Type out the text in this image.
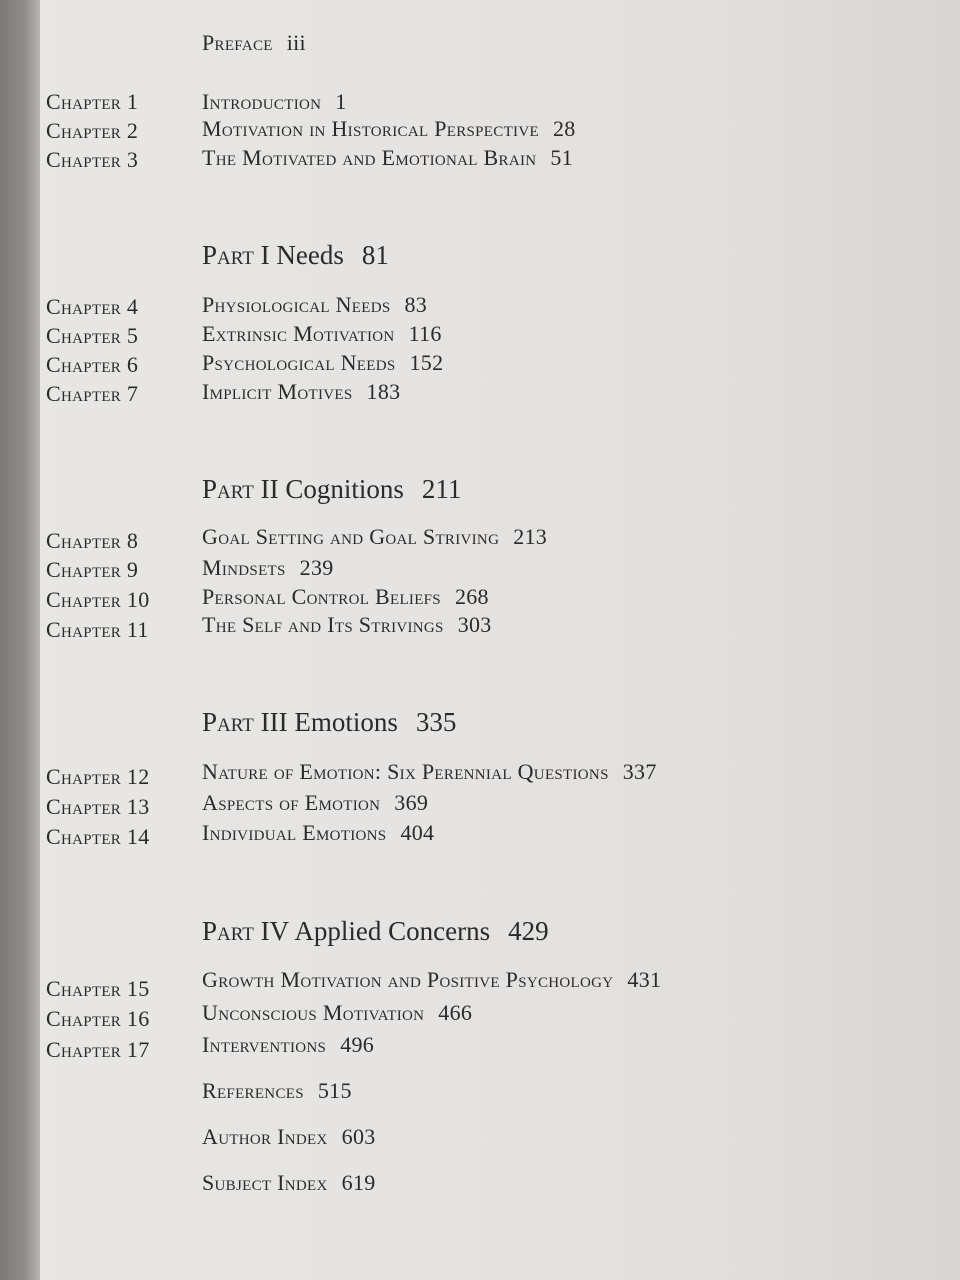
Preface iii
Chapter 1	Introduction 1
Chapter 2	Motivation in Historical Perspective 28
Chapter 3	The Motivated and Emotional Brain 51
Part I Needs 81
Chapter 4	Physiological Needs 83
Chapter 5	Extrinsic Motivation 116
Chapter 6	Psychological Needs 152
Chapter 7	Implicit Motives 183
Part II Cognitions 211
Chapter 8	Goal Setting and Goal Striving 213
Chapter 9	Mindsets 239
Chapter 10 Personal Control Beliefs 268
Chapter 11 The Self and Its Strivings 303
Part III Emotions 335
Chapter 12 Nature of Emotion: Six Perennial Questions 337
Chapter 13 Aspects of Emotion 369
Chapter 14 Individual Emotions 404
Part IV Applied Concerns 429
Chapter 15 Growth Motivation and Positive Psychology 431
Chapter 16 Unconscious Motivation 466
Chapter 17 Interventions 496
References 515
Author Index 603
Subject Index 619
